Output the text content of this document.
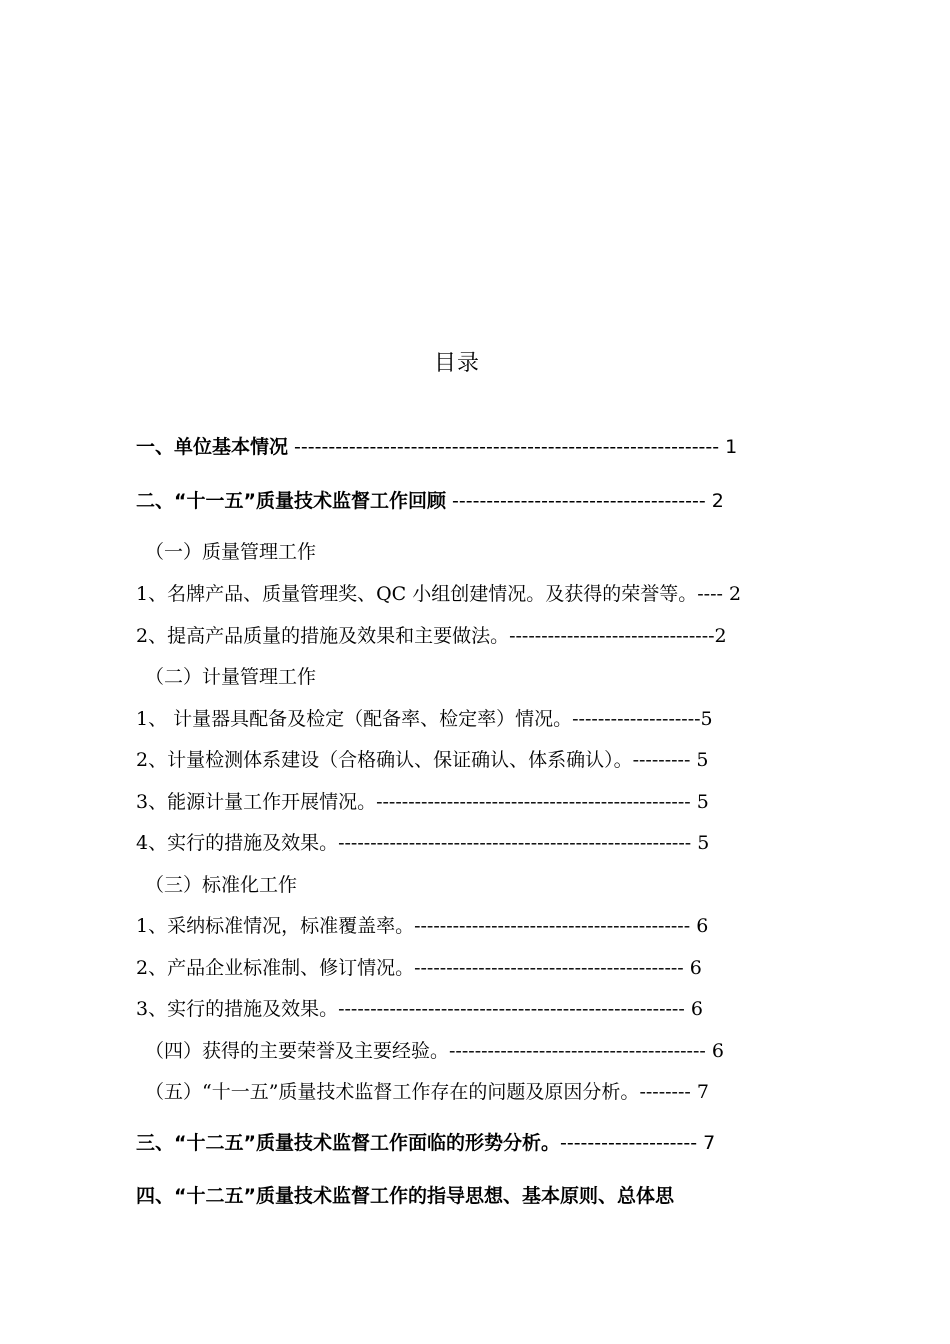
目录
一、单位基本情况 -------------------------------------------------------------- 1
二、“十一五”质量技术监督工作回顾 ------------------------------------- 2
（一）质量管理工作
1、名牌产品、质量管理奖、QC 小组创建情况。及获得的荣誉等。---- 2
2、提高产品质量的措施及效果和主要做法。--------------------------------2
（二）计量管理工作
1、 计量器具配备及检定（配备率、检定率）情况。--------------------5
2、计量检测体系建设（合格确认、保证确认、体系确认）。--------- 5
3、能源计量工作开展情况。------------------------------------------------- 5
4、实行的措施及效果。------------------------------------------------------- 5
（三）标准化工作
1、采纳标准情况，标准覆盖率。------------------------------------------- 6
2、产品企业标准制、修订情况。------------------------------------------ 6
3、实行的措施及效果。------------------------------------------------------ 6
（四）获得的主要荣誉及主要经验。---------------------------------------- 6
（五）“十一五”质量技术监督工作存在的问题及原因分析。-------- 7
三、“十二五”质量技术监督工作面临的形势分析。-------------------- 7
四、“十二五”质量技术监督工作的指导思想、基本原则、总体思
